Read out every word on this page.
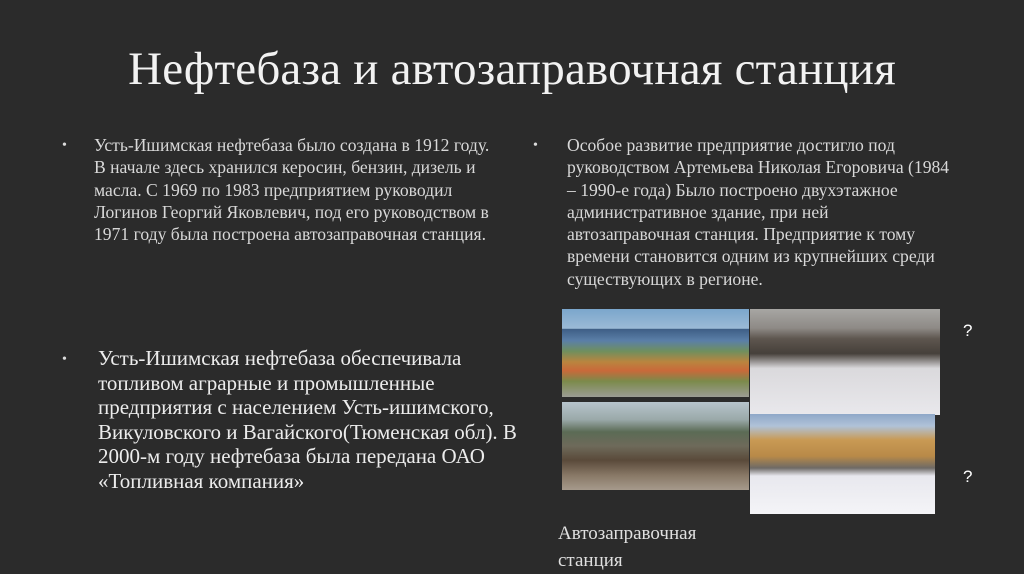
Нефтебаза и автозаправочная станция
•	Усть-Ишимская нефтебаза было создана в 1912 году. В начале здесь хранился керосин, бензин, дизель и масла. С 1969 по 1983 предприятием руководил Логинов Георгий Яковлевич, под его руководством в 1971 году была построена автозаправочная станция.
•	Особое развитие предприятие достигло под руководством Артемьева Николая Егоровича (1984 – 1990-е года) Было построено двухэтажное административное здание, при ней автозаправочная станция. Предприятие к тому времени становится одним из крупнейших среди существующих в регионе.
•	Усть-Ишимская нефтебаза обеспечивала топливом аграрные и промышленные предприятия с населением Усть-ишимского, Викуловского и Вагайского(Тюменская обл). В 2000-м году нефтебаза была передана ОАО «Топливная компания»
?
?
Автозаправочная станция
